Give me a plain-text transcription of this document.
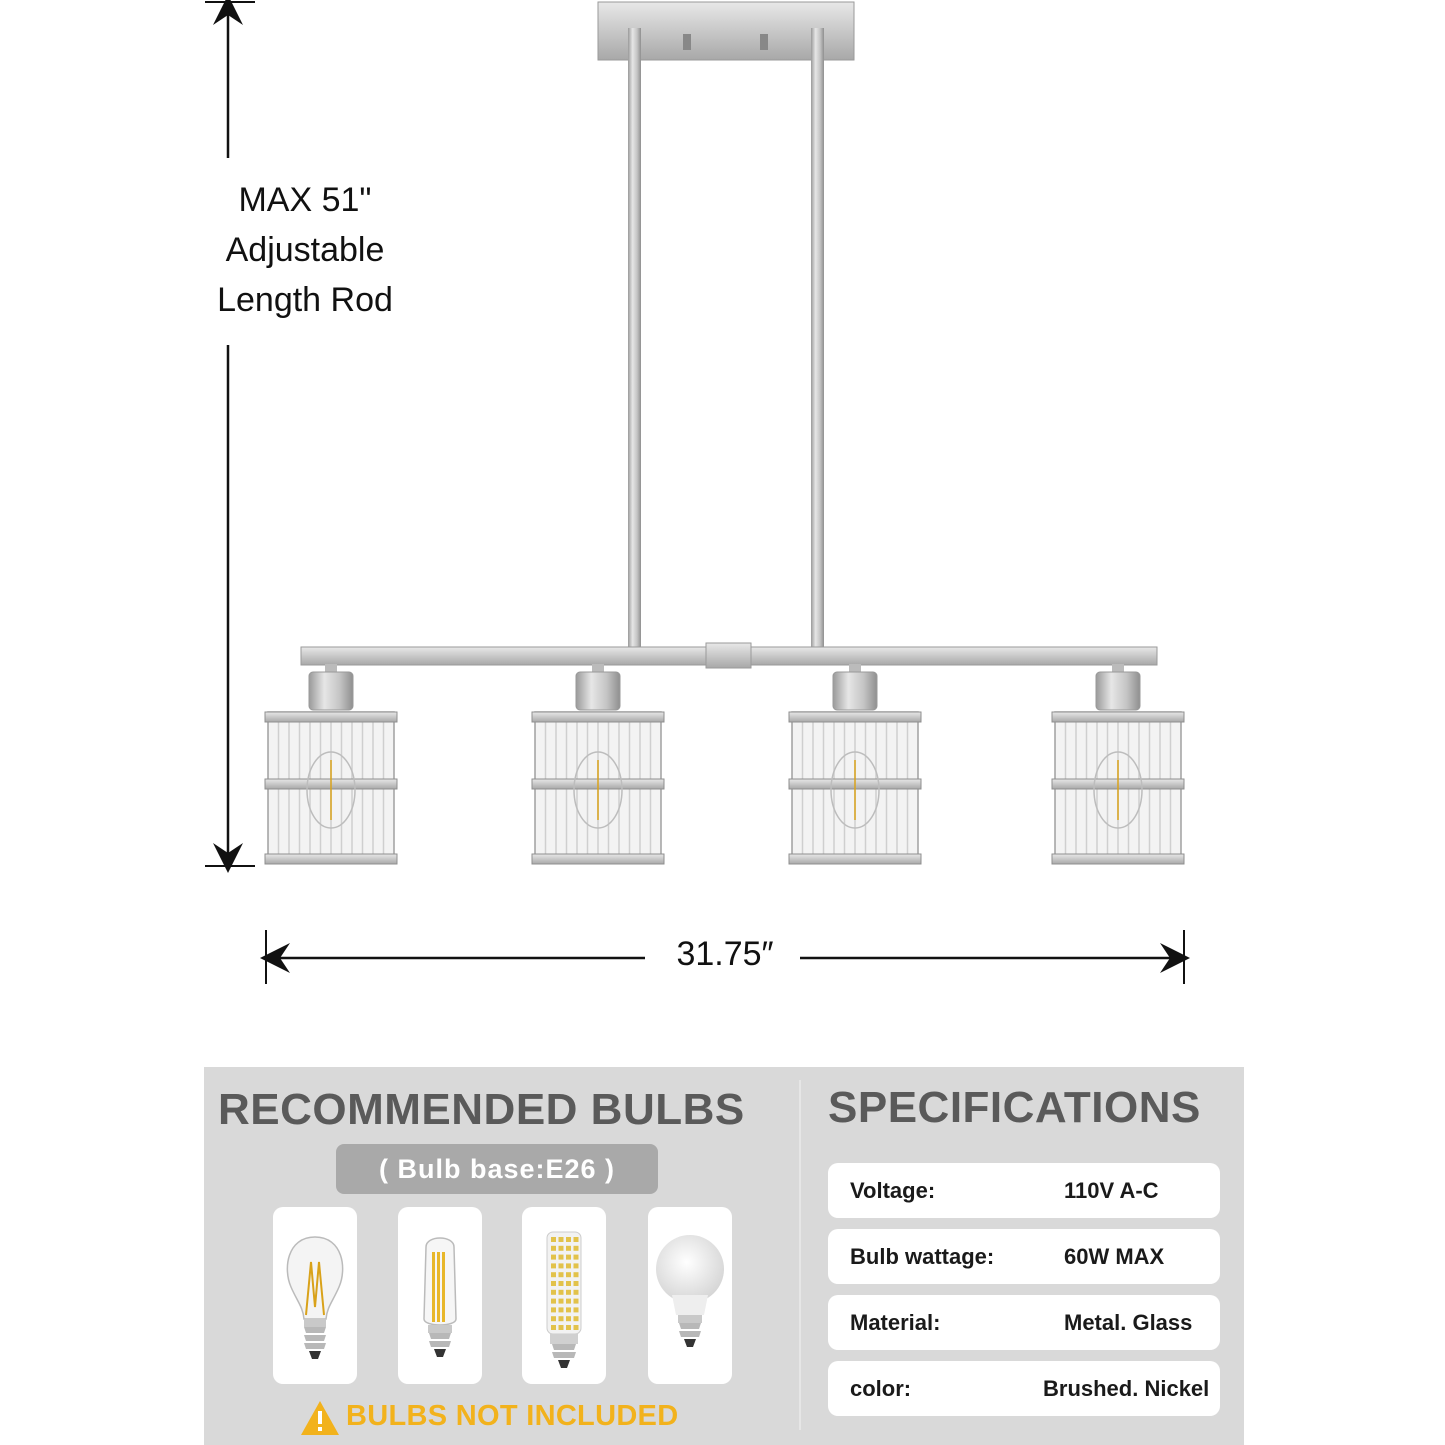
MAX 51"
Adjustable
Length Rod
31.75″
RECOMMENDED BULBS
( Bulb base:E26 )
BULBS NOT INCLUDED
SPECIFICATIONS
Voltage:	110V A-C
Bulb wattage:	60W MAX
Material:	Metal. Glass
color:	Brushed. Nickel
